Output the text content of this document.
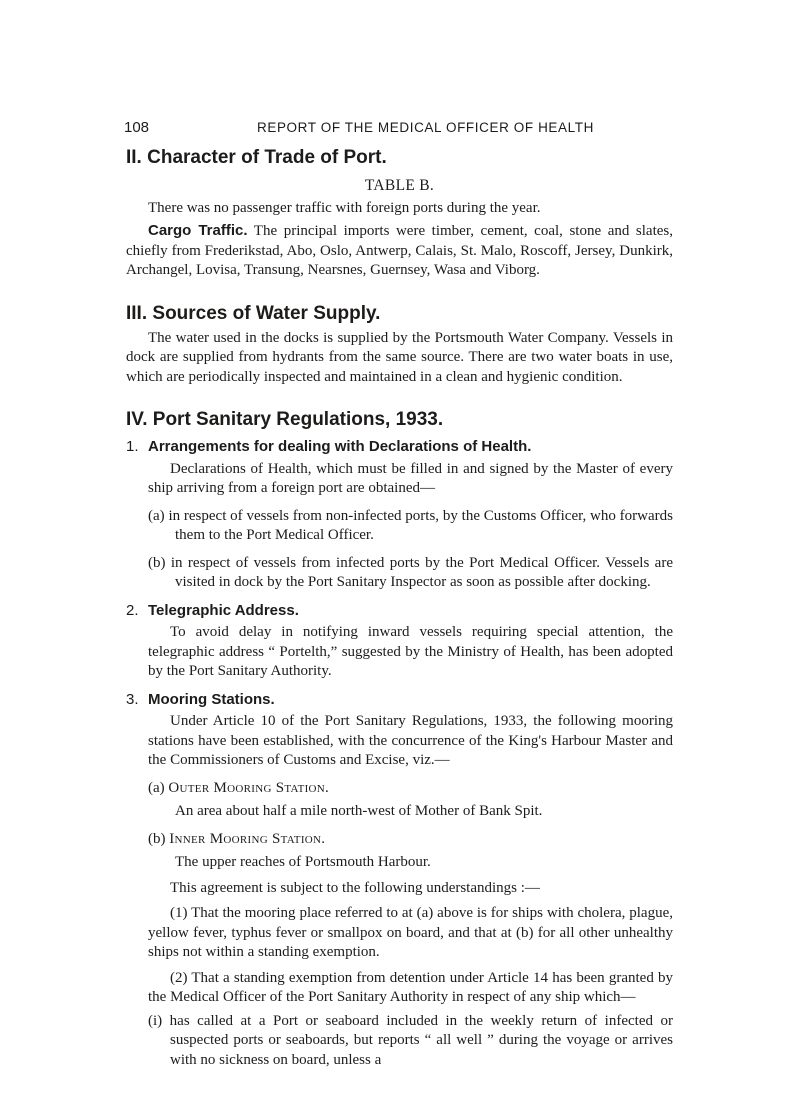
108	REPORT OF THE MEDICAL OFFICER OF HEALTH
II. Character of Trade of Port.
TABLE B.

There was no passenger traffic with foreign ports during the year.

Cargo Traffic. The principal imports were timber, cement, coal, stone and slates, chiefly from Frederikstad, Abo, Oslo, Antwerp, Calais, St. Malo, Roscoff, Jersey, Dunkirk, Archangel, Lovisa, Transung, Nearsnes, Guernsey, Wasa and Viborg.

III. Sources of Water Supply.

The water used in the docks is supplied by the Portsmouth Water Company. Vessels in dock are supplied from hydrants from the same source. There are two water boats in use, which are periodically inspected and maintained in a clean and hygienic condition.

IV. Port Sanitary Regulations, 1933.
1. Arrangements for dealing with Declarations of Health.

Declarations of Health, which must be filled in and signed by the Master of every ship arriving from a foreign port are obtained—

(a) in respect of vessels from non-infected ports, by the Customs Officer, who forwards them to the Port Medical Officer.

(b) in respect of vessels from infected ports by the Port Medical Officer. Vessels are visited in dock by the Port Sanitary Inspector as soon as possible after docking.

2. Telegraphic Address.

To avoid delay in notifying inward vessels requiring special attention, the telegraphic address “ Portelth,” suggested by the Ministry of Health, has been adopted by the Port Sanitary Authority.

3. Mooring Stations.

Under Article 10 of the Port Sanitary Regulations, 1933, the following mooring stations have been established, with the concurrence of the King's Harbour Master and the Commissioners of Customs and Excise, viz.—

(a) Outer Mooring Station.

An area about half a mile north-west of Mother of Bank Spit.

(b) Inner Mooring Station.

The upper reaches of Portsmouth Harbour.

This agreement is subject to the following understandings :—

(1) That the mooring place referred to at (a) above is for ships with cholera, plague, yellow fever, typhus fever or smallpox on board, and that at (b) for all other unhealthy ships not within a standing exemption.

(2) That a standing exemption from detention under Article 14 has been granted by the Medical Officer of the Port Sanitary Authority in respect of any ship which—

(i) has called at a Port or seaboard included in the weekly return of infected or suspected ports or seaboards, but reports “ all well ” during the voyage or arrives with no sickness on board, unless a
